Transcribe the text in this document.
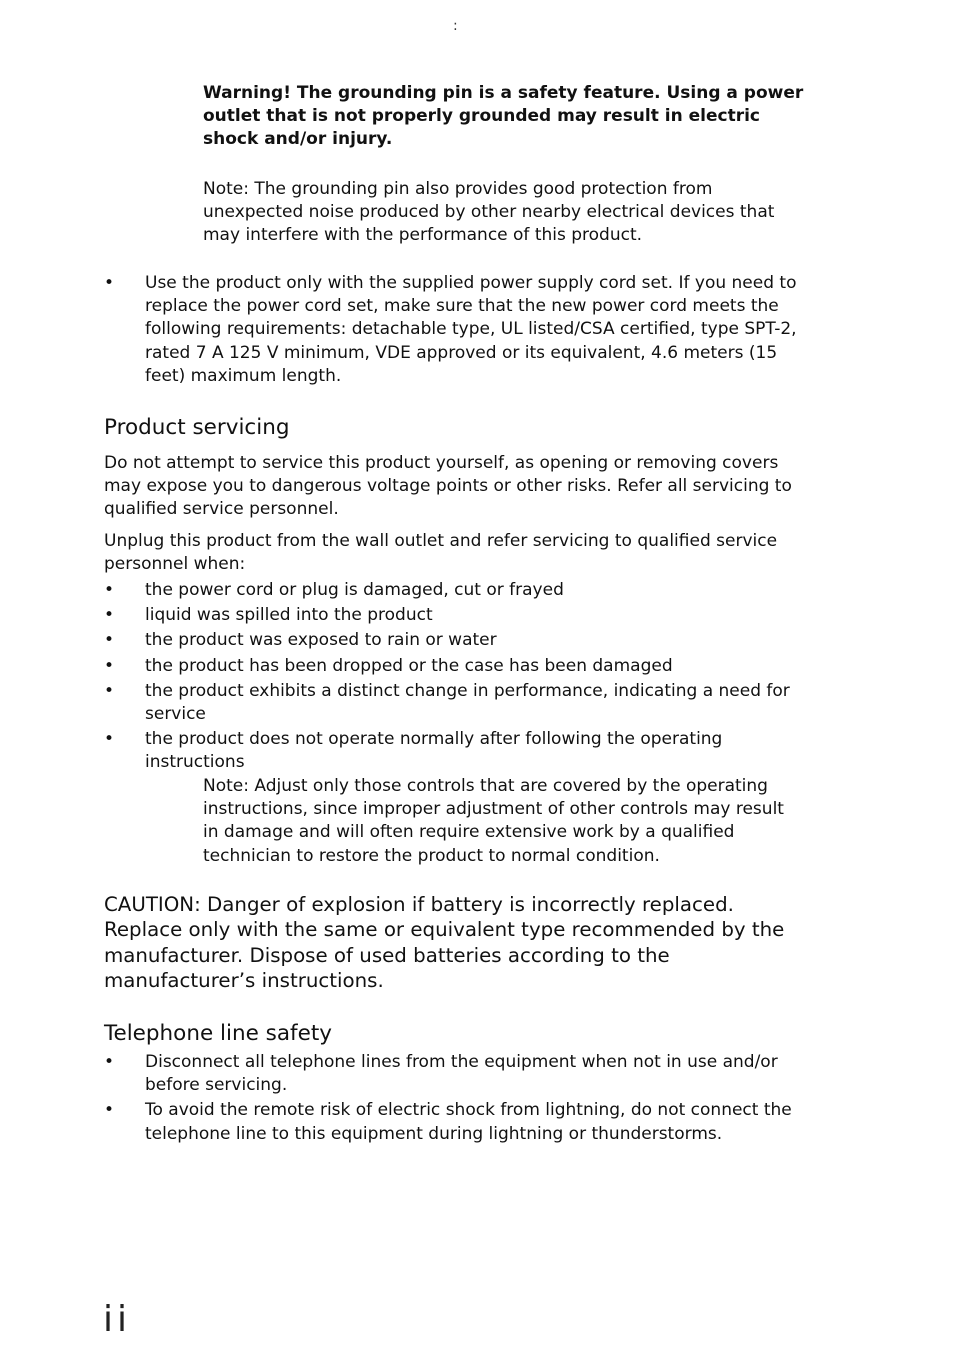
:

Warning! The grounding pin is a safety feature. Using a power outlet that is not properly grounded may result in electric shock and/or injury.

Note: The grounding pin also provides good protection from unexpected noise produced by other nearby electrical devices that may interfere with the performance of this product.

• Use the product only with the supplied power supply cord set. If you need to replace the power cord set, make sure that the new power cord meets the following requirements: detachable type, UL listed/CSA certified, type SPT-2, rated 7 A 125 V minimum, VDE approved or its equivalent, 4.6 meters (15 feet) maximum length.
Product servicing

Do not attempt to service this product yourself, as opening or removing covers may expose you to dangerous voltage points or other risks. Refer all servicing to qualified service personnel.

Unplug this product from the wall outlet and refer servicing to qualified service personnel when:

• the power cord or plug is damaged, cut or frayed
• liquid was spilled into the product
• the product was exposed to rain or water
• the product has been dropped or the case has been damaged
• the product exhibits a distinct change in performance, indicating a need for service
• the product does not operate normally after following the operating instructions

Note: Adjust only those controls that are covered by the operating instructions, since improper adjustment of other controls may result in damage and will often require extensive work by a qualified technician to restore the product to normal condition.

CAUTION: Danger of explosion if battery is incorrectly replaced. Replace only with the same or equivalent type recommended by the manufacturer. Dispose of used batteries according to the manufacturer’s instructions.

Telephone line safety
• Disconnect all telephone lines from the equipment when not in use and/or before servicing.
• To avoid the remote risk of electric shock from lightning, do not connect the telephone line to this equipment during lightning or thunderstorms.
ii
